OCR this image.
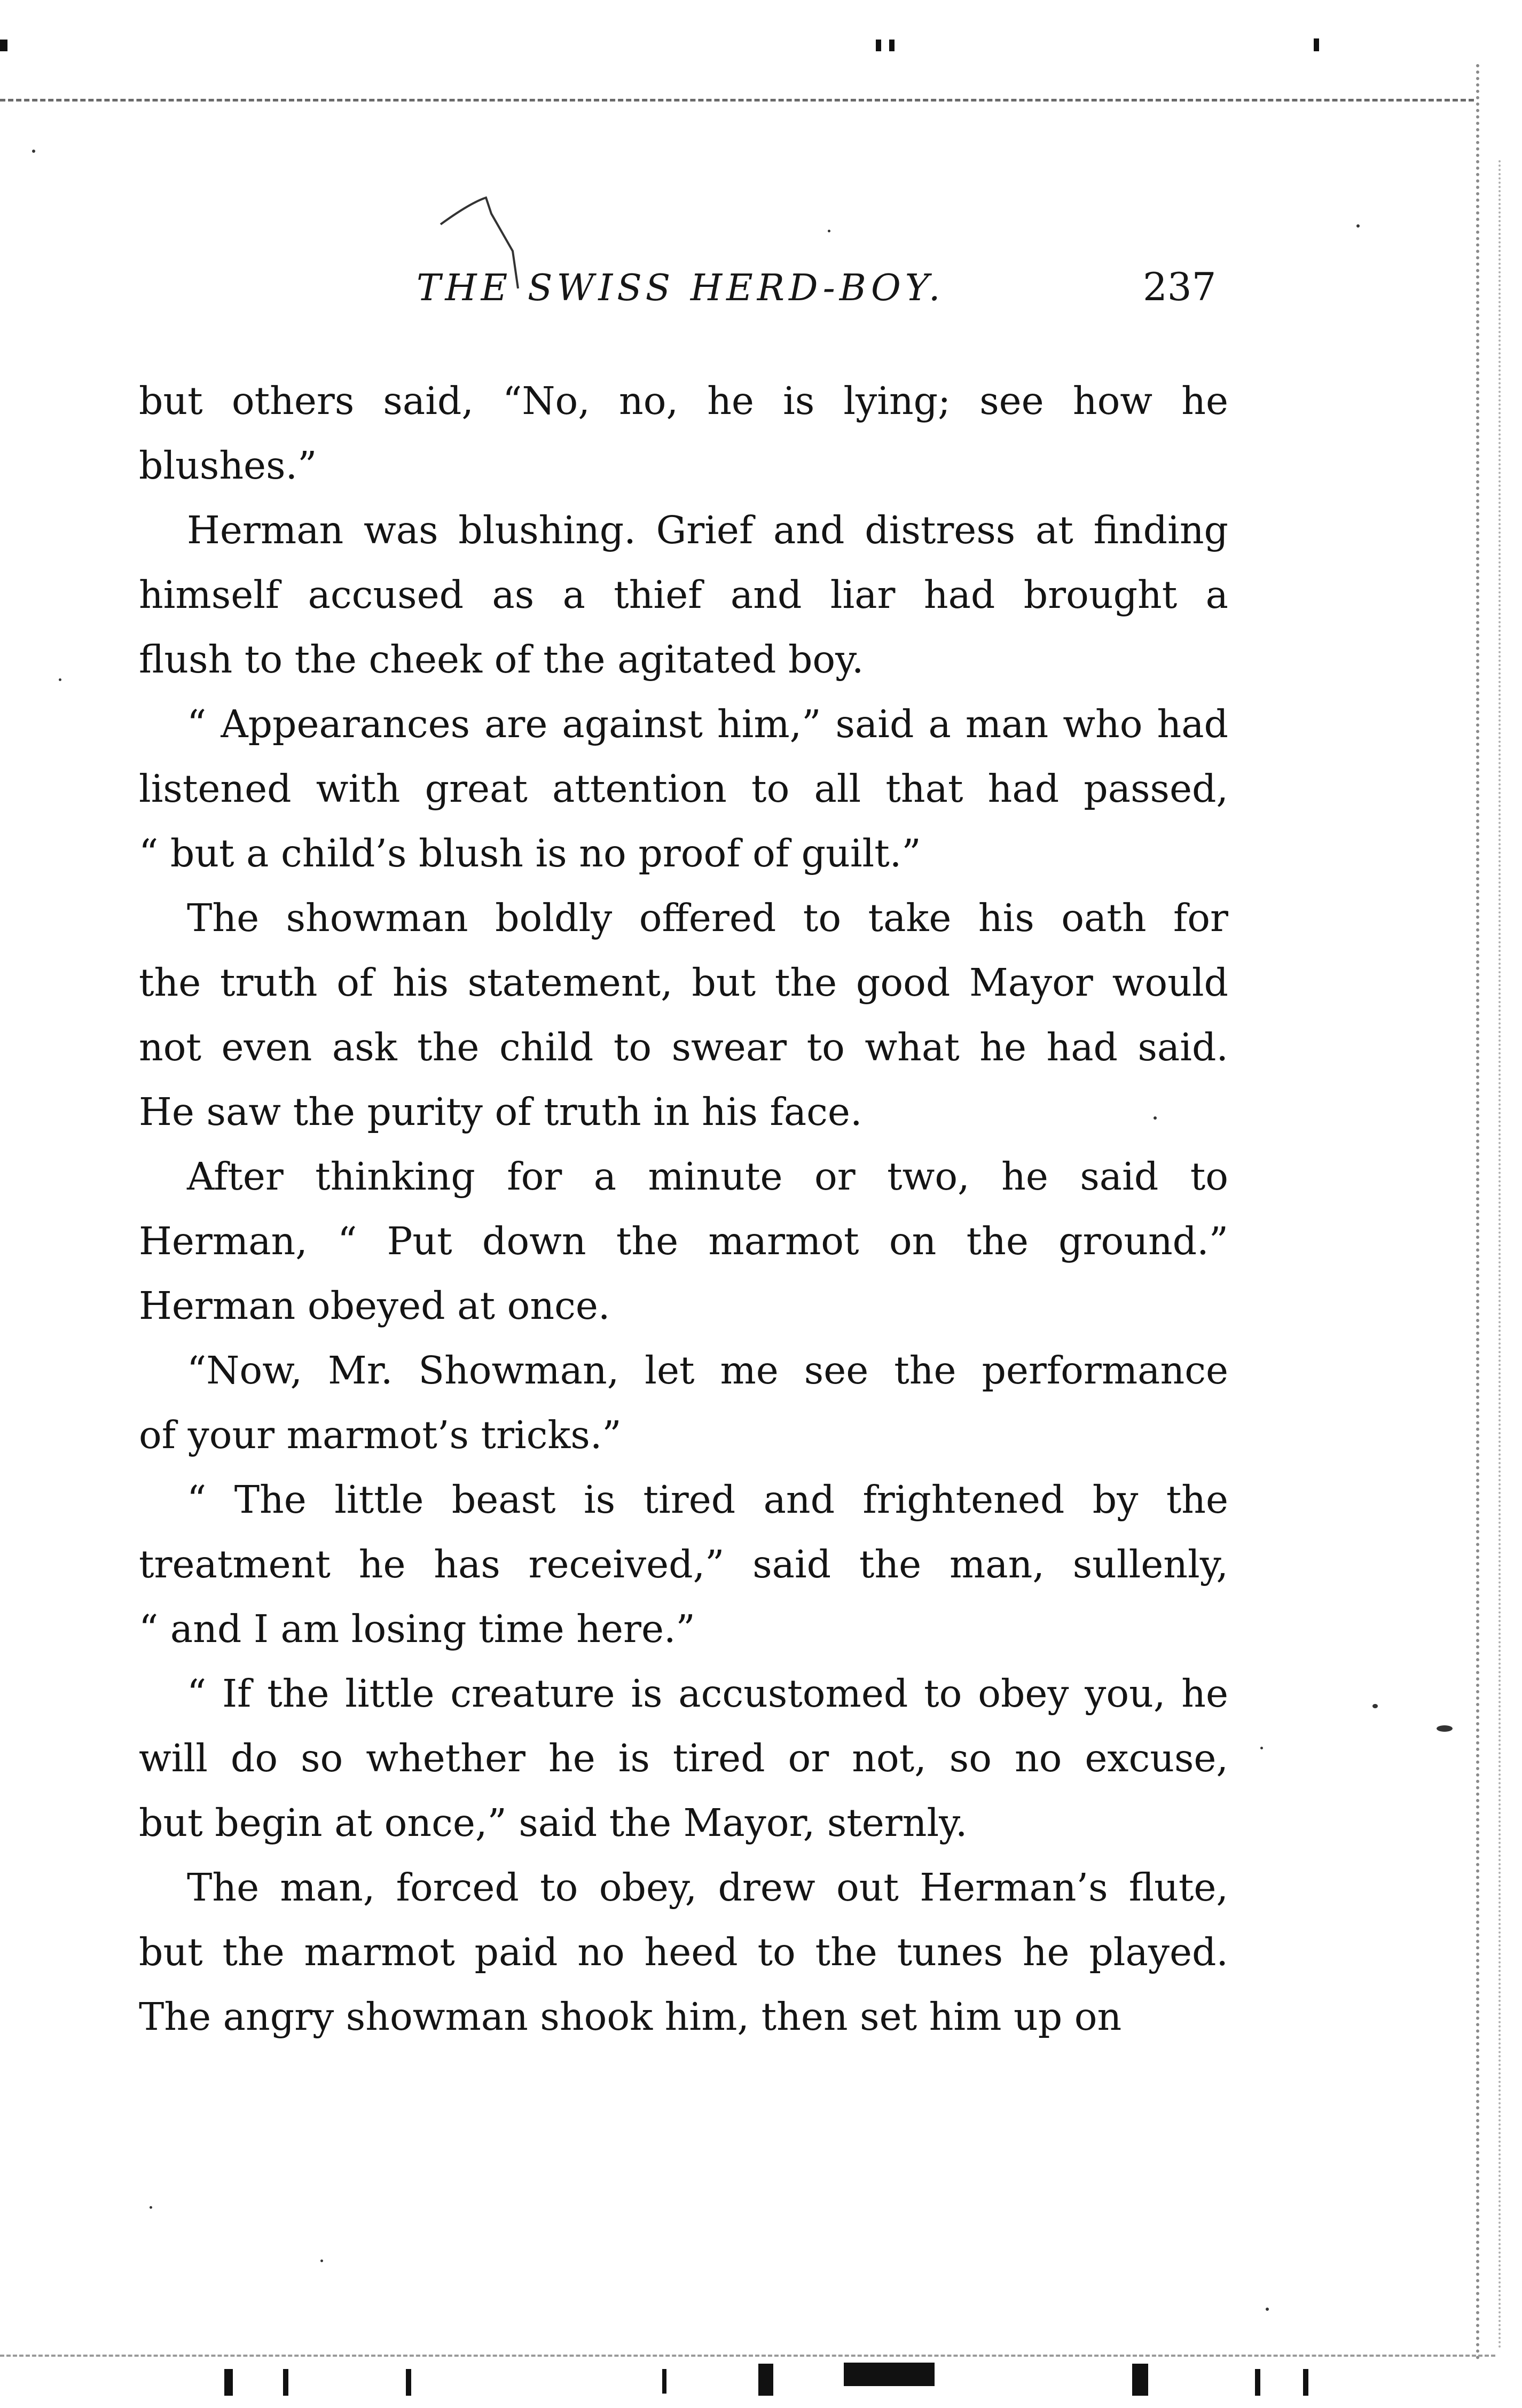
THE SWISS HERD-BOY.	237
but others said, “No, no, he is lying; see how he
blushes.”
Herman was blushing. Grief and distress at finding
himself accused as a thief and liar had brought a
flush to the cheek of the agitated boy.
“ Appearances are against him,” said a man who had
listened with great attention to all that had passed,
“ but a child’s blush is no proof of guilt.”
The showman boldly offered to take his oath for
the truth of his statement, but the good Mayor would
not even ask the child to swear to what he had said.
He saw the purity of truth in his face.
After thinking for a minute or two, he said to
Herman, “ Put down the marmot on the ground.”
Herman obeyed at once.
“Now, Mr. Showman, let me see the performance
of your marmot’s tricks.”
“ The little beast is tired and frightened by the
treatment he has received,” said the man, sullenly,
“ and I am losing time here.”
“ If the little creature is accustomed to obey you, he
will do so whether he is tired or not, so no excuse,
but begin at once,” said the Mayor, sternly.
The man, forced to obey, drew out Herman’s flute,
but the marmot paid no heed to the tunes he played.
The angry showman shook him, then set him up on
